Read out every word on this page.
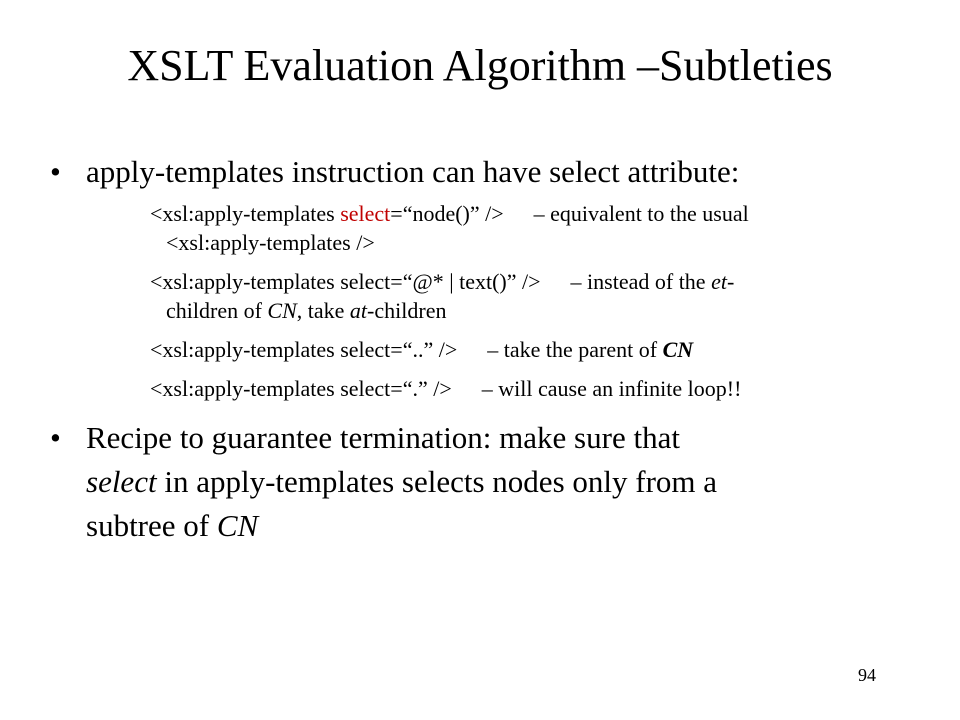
XSLT Evaluation Algorithm –Subtleties
• apply-templates instruction can have select attribute:
<xsl:apply-templates select=“node()” /> – equivalent to the usual
<xsl:apply-templates />
<xsl:apply-templates select=“@* | text()” /> – instead of the et-
children of CN, take at-children
<xsl:apply-templates select=“..” /> – take the parent of CN
<xsl:apply-templates select=“.” /> – will cause an infinite loop!!
• Recipe to guarantee termination: make sure that
select in apply-templates selects nodes only from a
subtree of CN
94
